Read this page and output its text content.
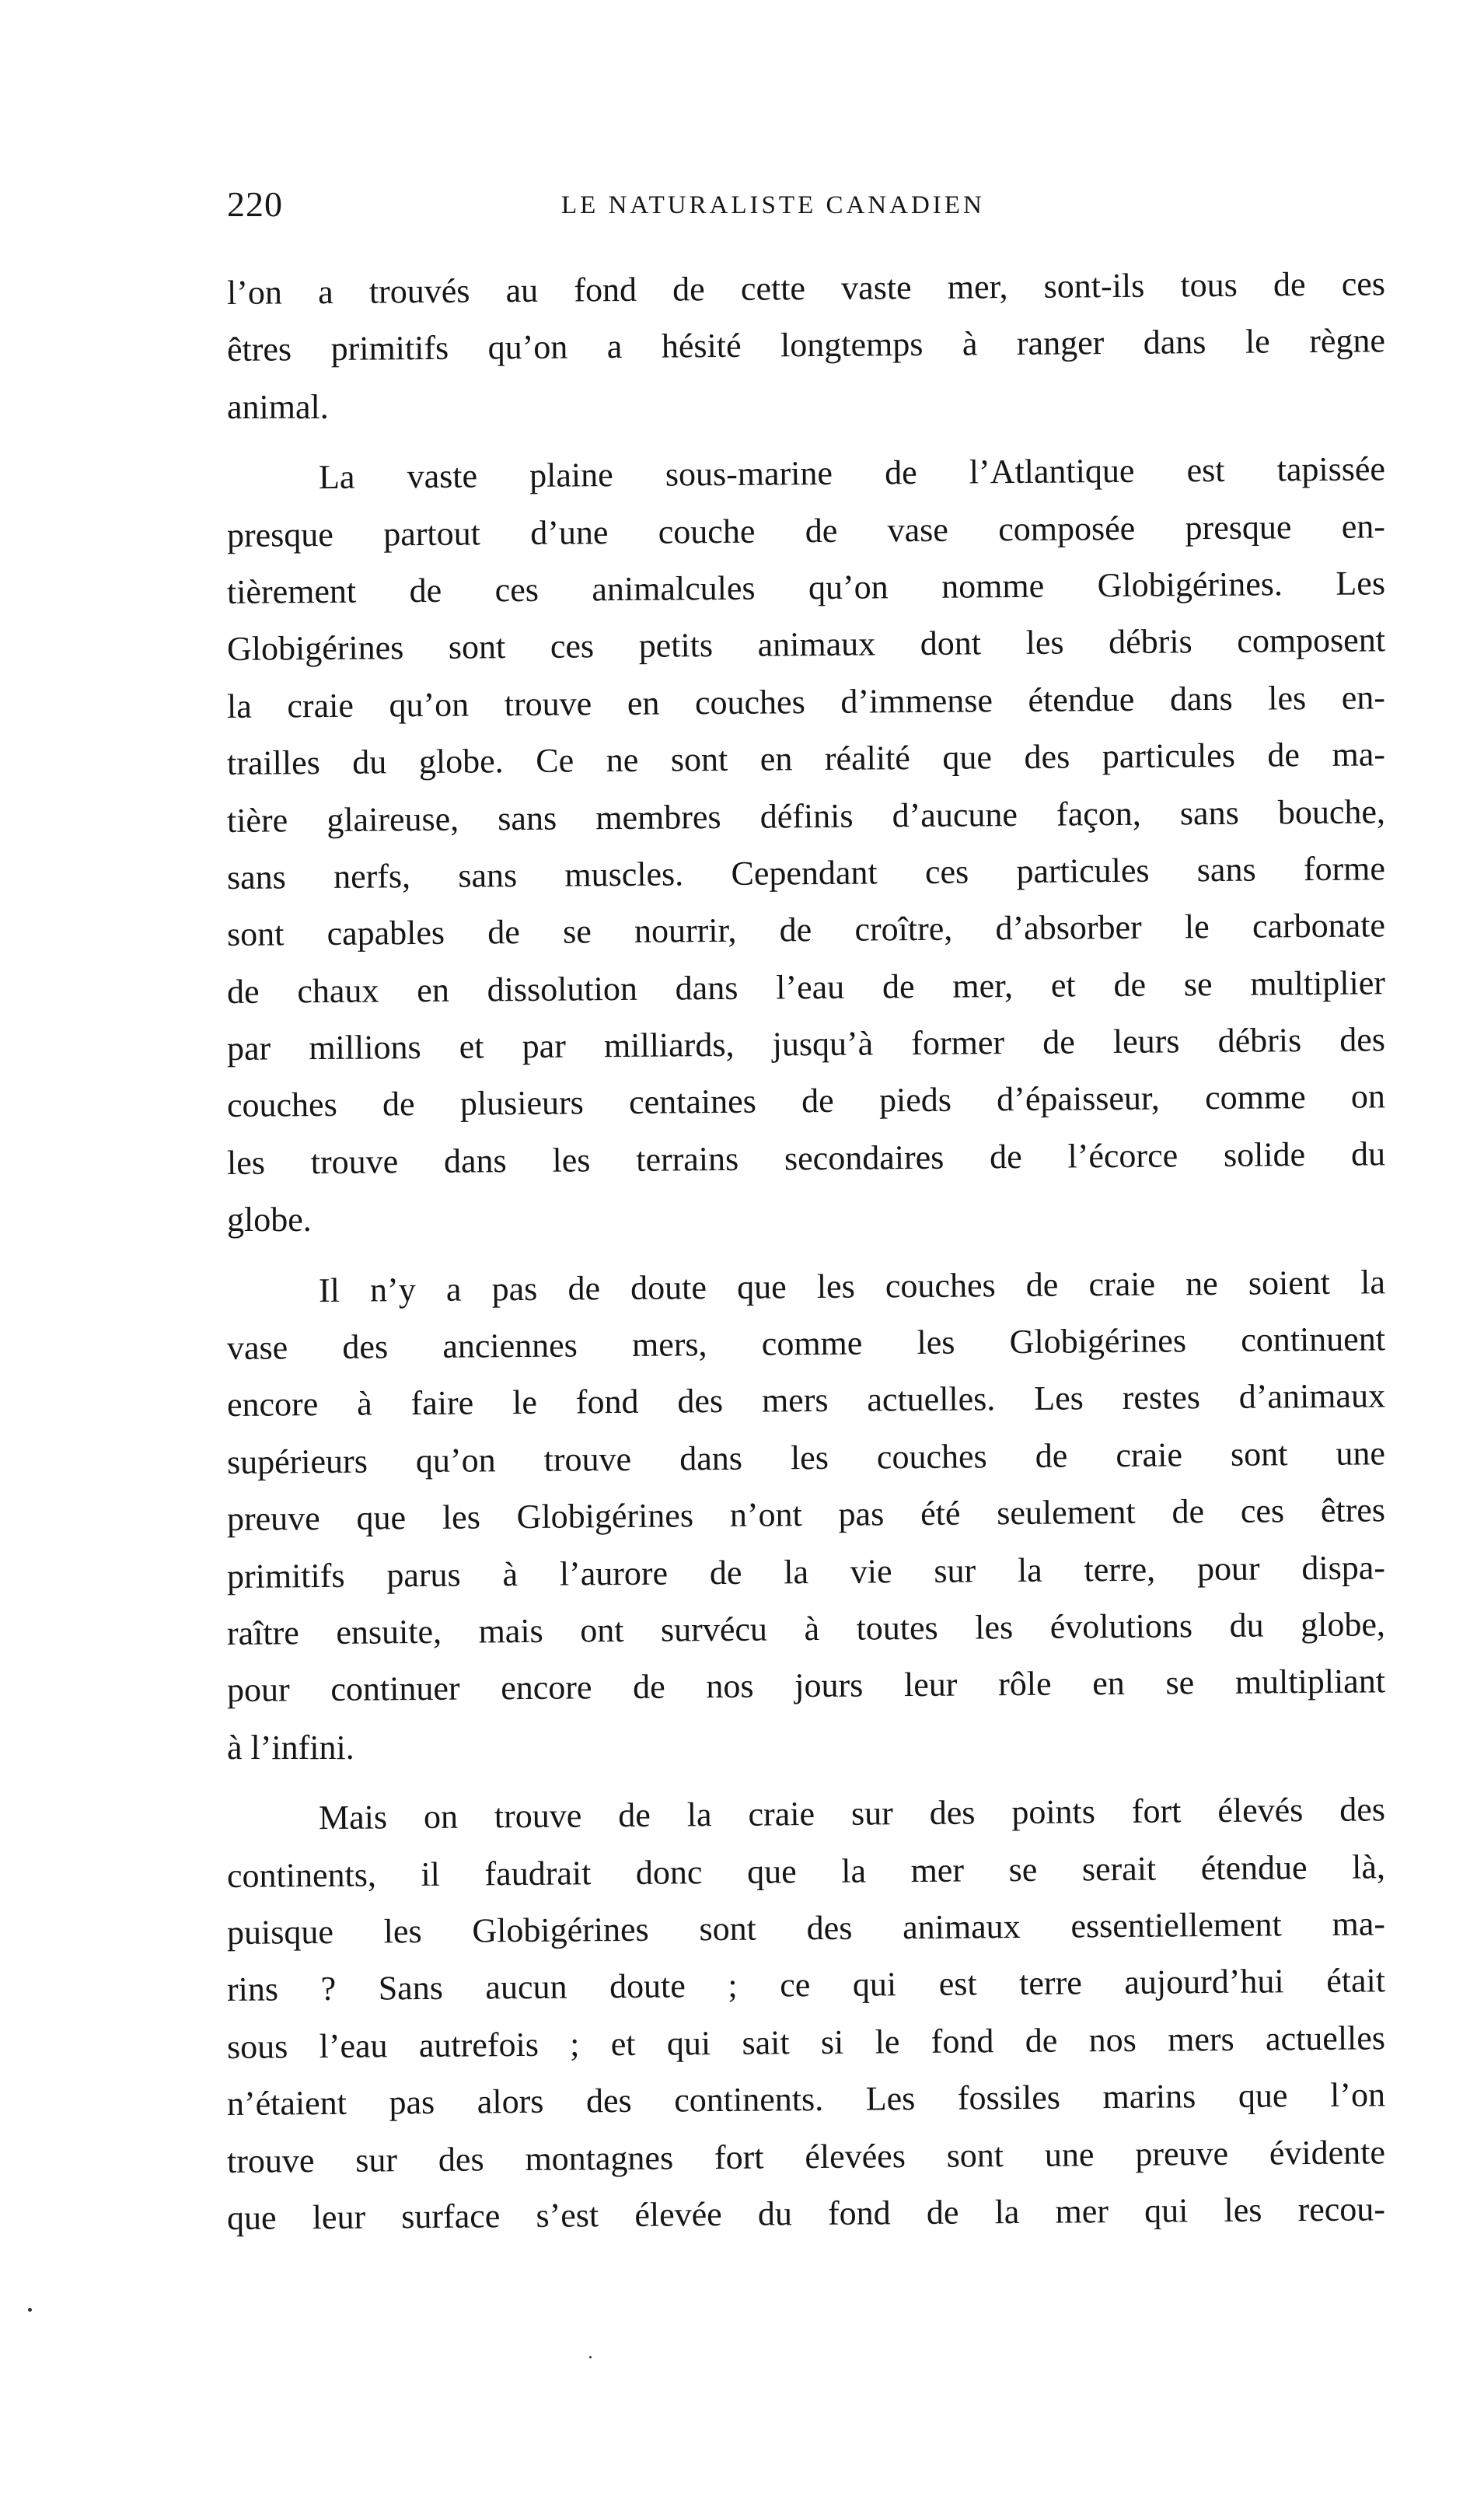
220	LE NATURALISTE CANADIEN
l’on a trouvés au fond de cette vaste mer, sont-ils tous de ces
êtres primitifs qu’on a hésité longtemps à ranger dans le règne
animal.
La vaste plaine sous-marine de l’Atlantique est tapissée
presque partout d’une couche de vase composée presque en-
tièrement de ces animalcules qu’on nomme Globigérines. Les
Globigérines sont ces petits animaux dont les débris composent
la craie qu’on trouve en couches d’immense étendue dans les en-
trailles du globe. Ce ne sont en réalité que des particules de ma-
tière glaireuse, sans membres définis d’aucune façon, sans bouche,
sans nerfs, sans muscles. Cependant ces particules sans forme
sont capables de se nourrir, de croître, d’absorber le carbonate
de chaux en dissolution dans l’eau de mer, et de se multiplier
par millions et par milliards, jusqu’à former de leurs débris des
couches de plusieurs centaines de pieds d’épaisseur, comme on
les trouve dans les terrains secondaires de l’écorce solide du
globe.
Il n’y a pas de doute que les couches de craie ne soient la
vase des anciennes mers, comme les Globigérines continuent
encore à faire le fond des mers actuelles. Les restes d’animaux
supérieurs qu’on trouve dans les couches de craie sont une
preuve que les Globigérines n’ont pas été seulement de ces êtres
primitifs parus à l’aurore de la vie sur la terre, pour dispa-
raître ensuite, mais ont survécu à toutes les évolutions du globe,
pour continuer encore de nos jours leur rôle en se multipliant
à l’infini.
Mais on trouve de la craie sur des points fort élevés des
continents, il faudrait donc que la mer se serait étendue là,
puisque les Globigérines sont des animaux essentiellement ma-
rins ? Sans aucun doute ; ce qui est terre aujourd’hui était
sous l’eau autrefois ; et qui sait si le fond de nos mers actuelles
n’étaient pas alors des continents. Les fossiles marins que l’on
trouve sur des montagnes fort élevées sont une preuve évidente
que leur surface s’est élevée du fond de la mer qui les recou-
